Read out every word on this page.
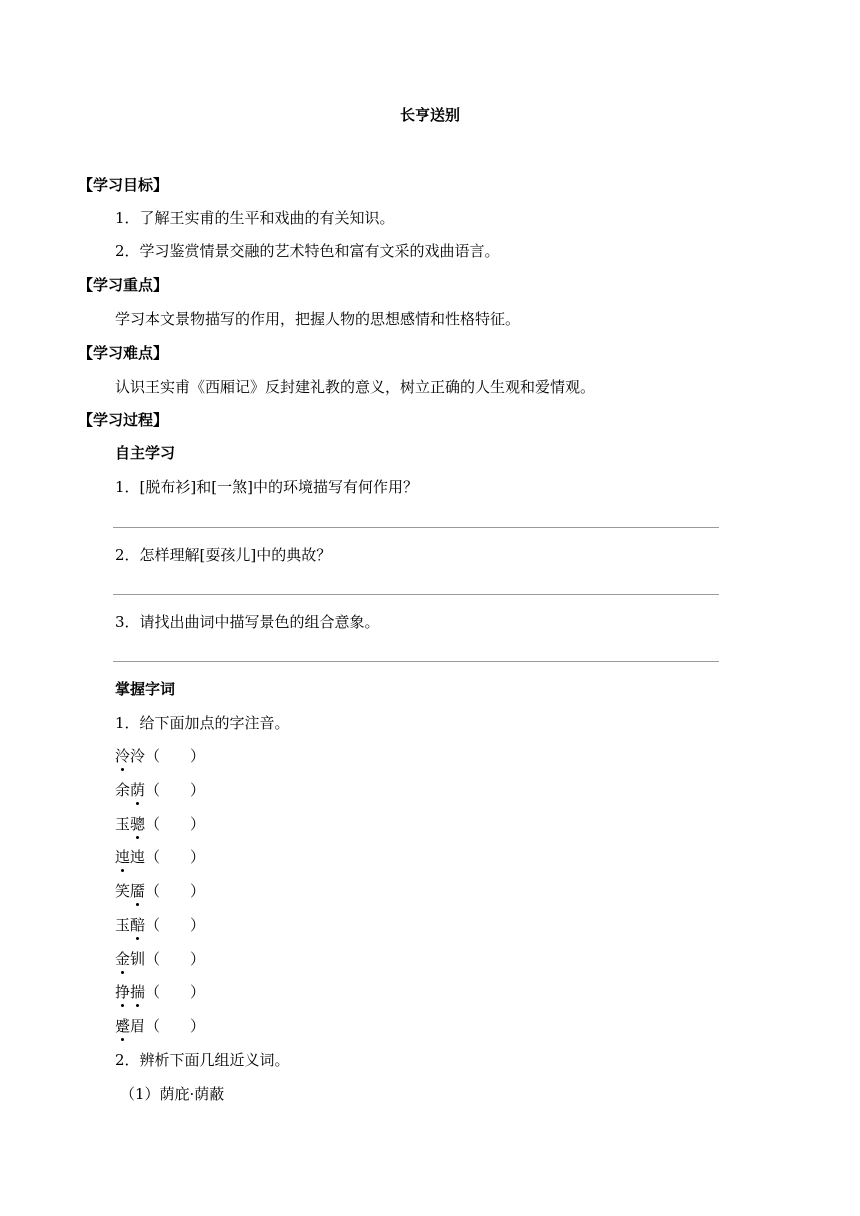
长亨送别
【学习目标】
1．了解王实甫的生平和戏曲的有关知识。
2．学习鉴赏情景交融的艺术特色和富有文采的戏曲语言。
【学习重点】
学习本文景物描写的作用，把握人物的思想感情和性格特征。
【学习难点】
认识王实甫《西厢记》反封建礼教的意义，树立正确的人生观和爱情观。
【学习过程】
自主学习
1．[脱布衫]和[一煞]中的环境描写有何作用？
2．怎样理解[耍孩儿]中的典故？
3．请找出曲词中描写景色的组合意象。
掌握字词
1．给下面加点的字注音。
泠泠（ ）
余荫（ ）
玉骢（ ）
迍迍（ ）
笑靥（ ）
玉醅（ ）
金钏（ ）
挣揣（ ）
蹙眉（ ）
2．辨析下面几组近义词。
（1）荫庇·荫蔽
